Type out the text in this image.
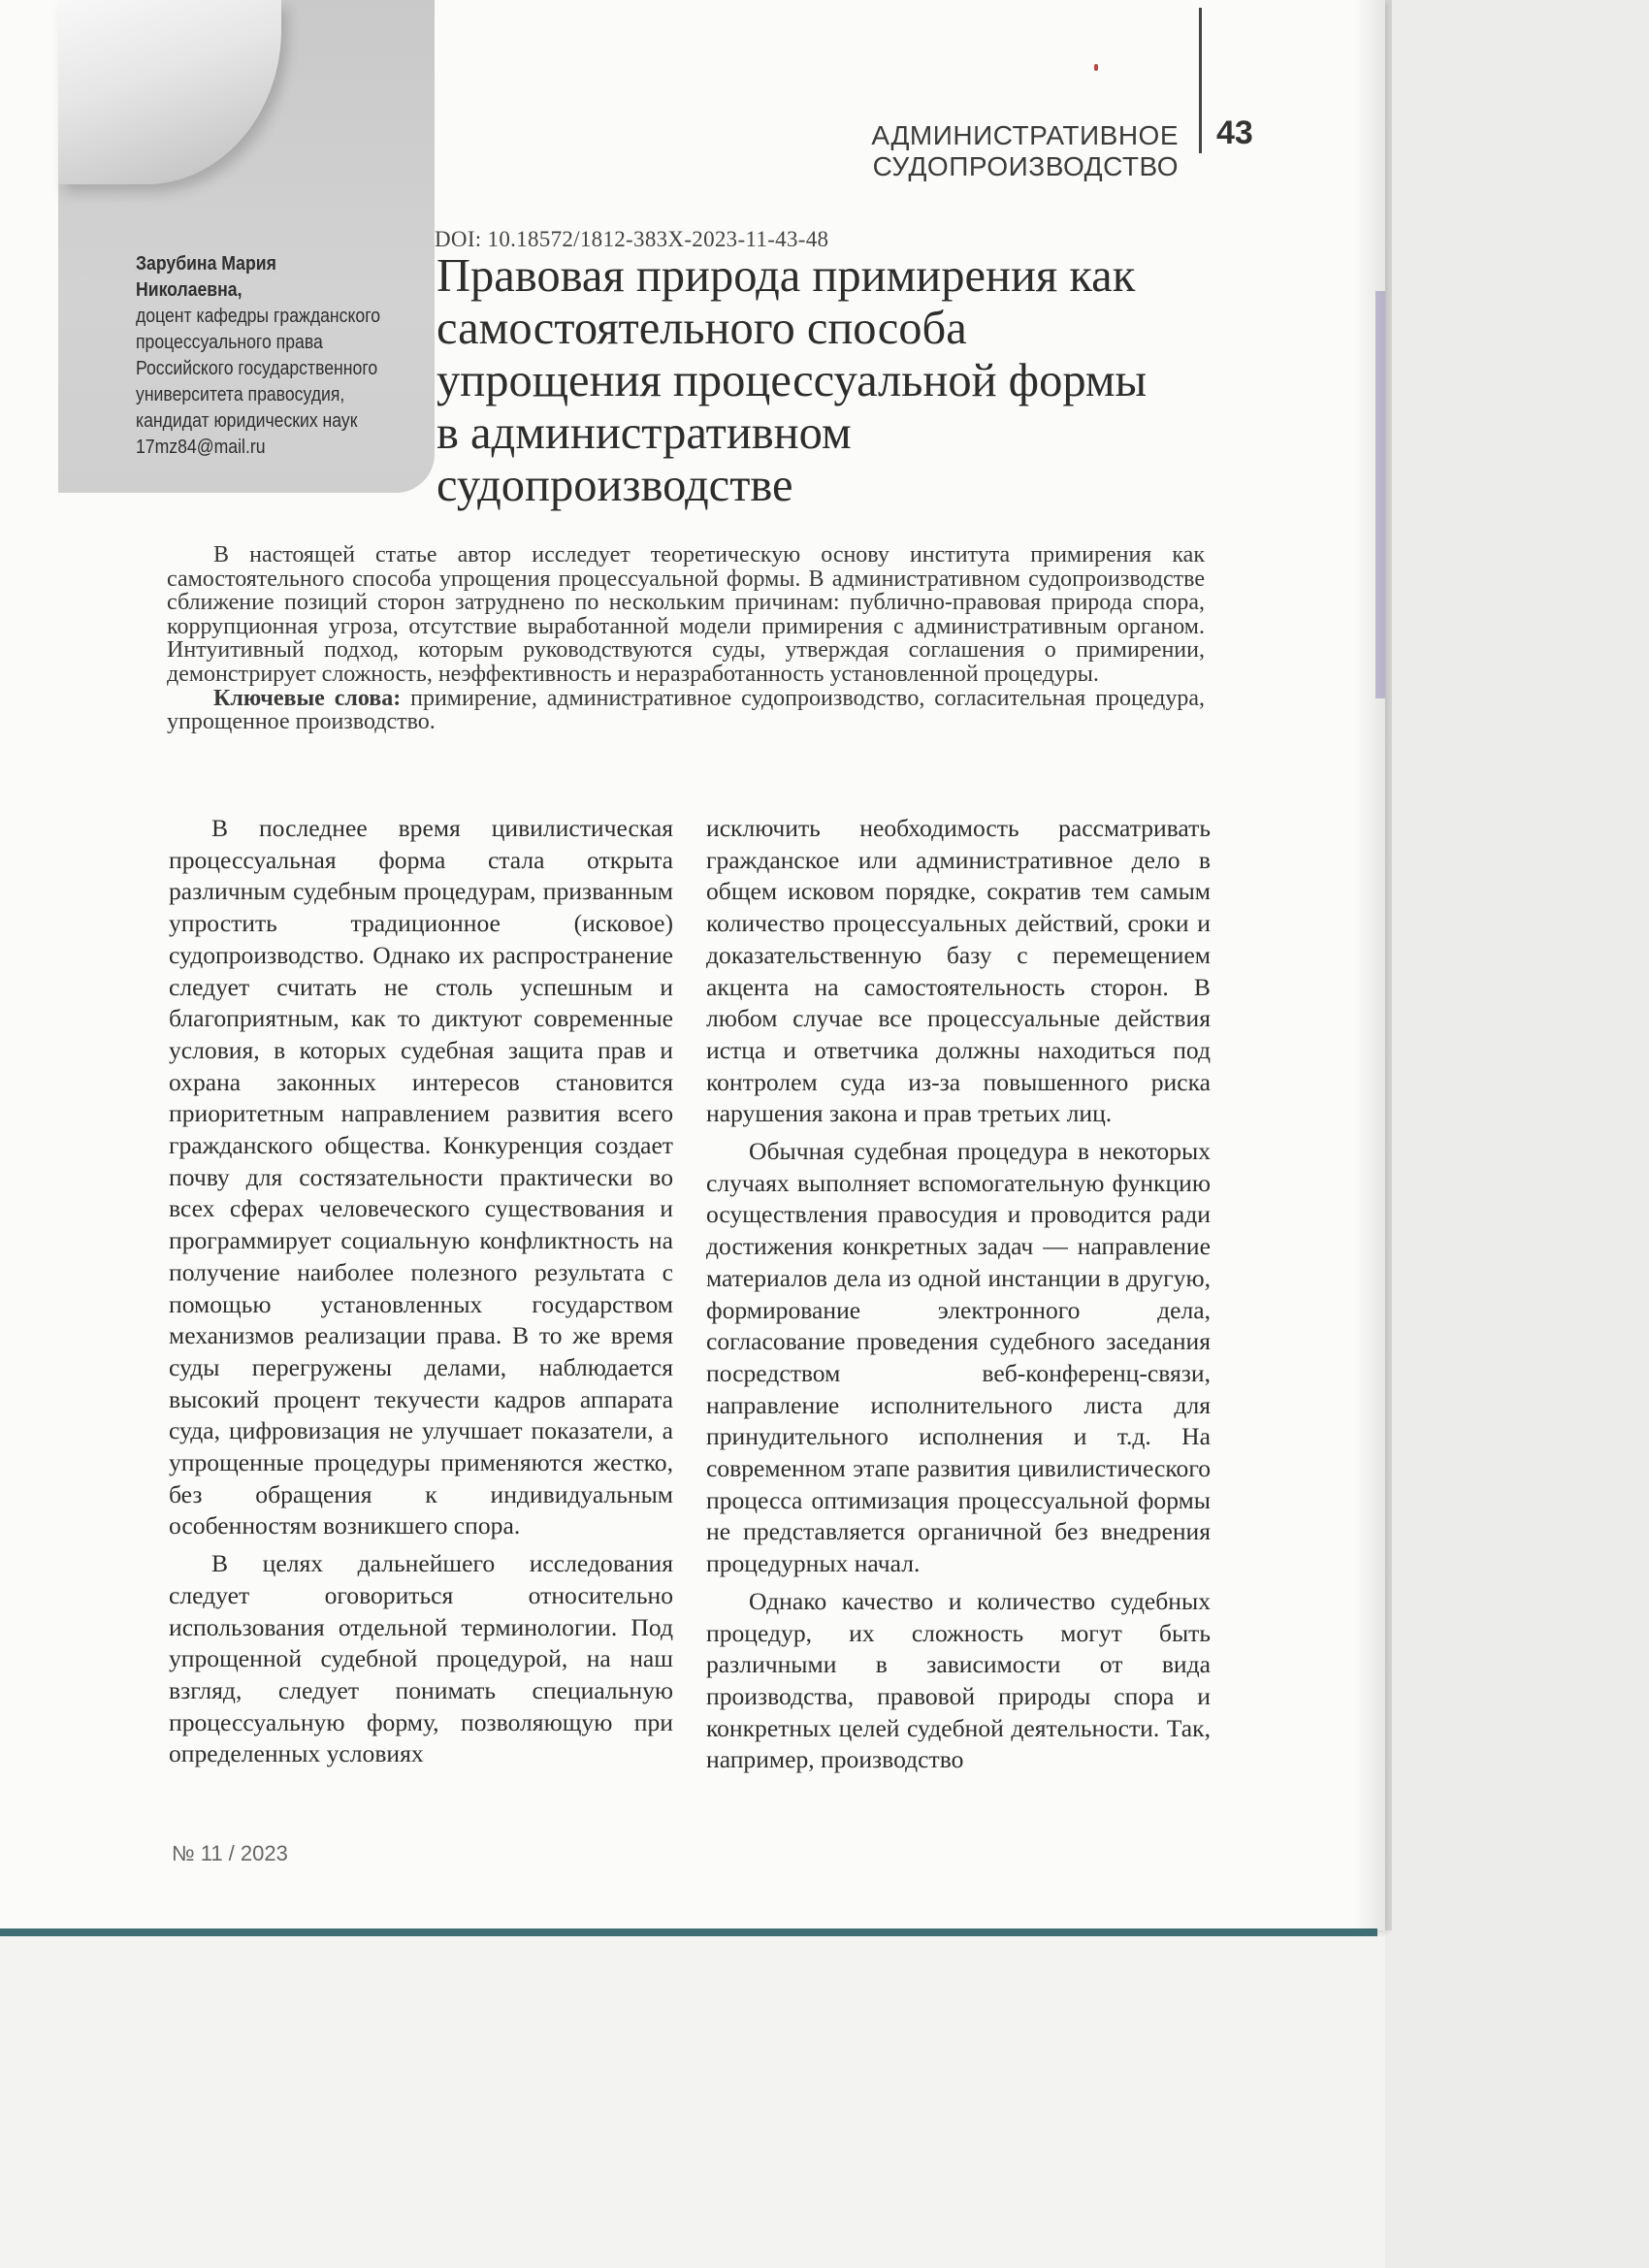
Зарубина Мария Николаевна,
доцент кафедры гражданского
процессуального права
Российского государственного
университета правосудия,
кандидат юридических наук
17mz84@mail.ru
АДМИНИСТРАТИВНОЕ СУДОПРОИЗВОДСТВО
43
DOI: 10.18572/1812-383X-2023-11-43-48
Правовая природа примирения как самостоятельного способа упрощения процессуальной формы в административном судопроизводстве

В настоящей статье автор исследует теоретическую основу института примирения как самостоятельного способа упрощения процессуальной формы. В административном судопроизводстве сближение позиций сторон затруднено по нескольким причинам: публично-правовая природа спора, коррупционная угроза, отсутствие выработанной модели примирения с административным органом. Интуитивный подход, которым руководствуются суды, утверждая соглашения о примирении, демонстрирует сложность, неэффективность и неразработанность установленной процедуры.

Ключевые слова: примирение, административное судопроизводство, согласительная процедура, упрощенное производство.

В последнее время цивилистическая процессуальная форма стала открыта различным судебным процедурам, призванным упростить традиционное (исковое) судопроизводство. Однако их распространение следует считать не столь успешным и благоприятным, как то диктуют современные условия, в которых судебная защита прав и охрана законных интересов становится приоритетным направлением развития всего гражданского общества. Конкуренция создает почву для состязательности практически во всех сферах человеческого существования и программирует социальную конфликтность на получение наиболее полезного результата с помощью установленных государством механизмов реализации права. В то же время суды перегружены делами, наблюдается высокий процент текучести кадров аппарата суда, цифровизация не улучшает показатели, а упрощенные процедуры применяются жестко, без обращения к индивидуальным особенностям возникшего спора.

В целях дальнейшего исследования следует оговориться относительно использования отдельной терминологии. Под упрощенной судебной процедурой, на наш взгляд, следует понимать специальную процессуальную форму, позволяющую при определенных условиях

исключить необходимость рассматривать гражданское или административное дело в общем исковом порядке, сократив тем самым количество процессуальных действий, сроки и доказательственную базу с перемещением акцента на самостоятельность сторон. В любом случае все процессуальные действия истца и ответчика должны находиться под контролем суда из-за повышенного риска нарушения закона и прав третьих лиц.

Обычная судебная процедура в некоторых случаях выполняет вспомогательную функцию осуществления правосудия и проводится ради достижения конкретных задач — направление материалов дела из одной инстанции в другую, формирование электронного дела, согласование проведения судебного заседания посредством веб-конференц-связи, направление исполнительного листа для принудительного исполнения и т.д. На современном этапе развития цивилистического процесса оптимизация процессуальной формы не представляется органичной без внедрения процедурных начал.

Однако качество и количество судебных процедур, их сложность могут быть различными в зависимости от вида производства, правовой природы спора и конкретных целей судебной деятельности. Так, например, производство

№ 11 / 2023
